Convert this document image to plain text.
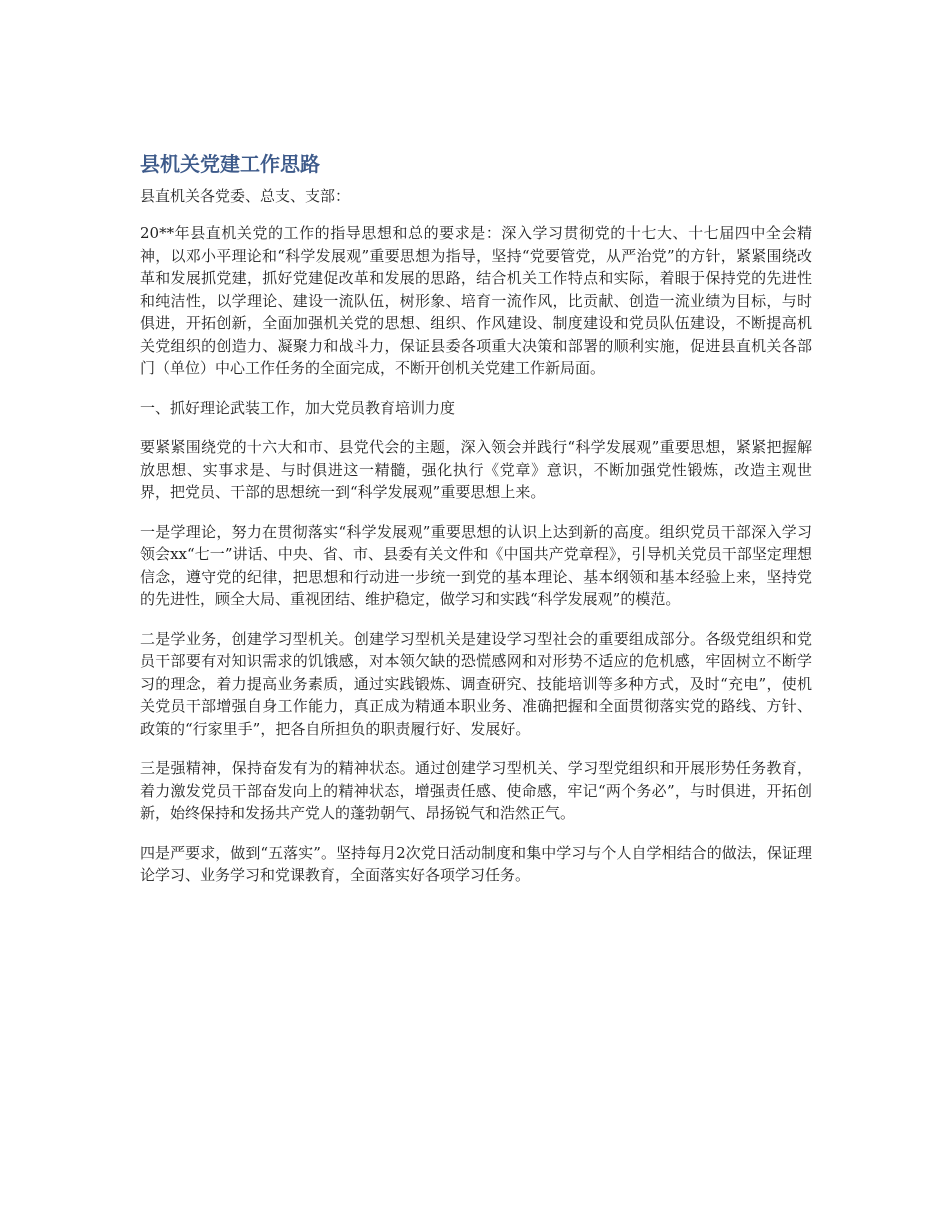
县机关党建工作思路

县直机关各党委、总支、支部：

20**年县直机关党的工作的指导思想和总的要求是：深入学习贯彻党的十七大、十七届四中全会精神，以邓小平理论和“科学发展观”重要思想为指导，坚持“党要管党，从严治党”的方针，紧紧围绕改革和发展抓党建，抓好党建促改革和发展的思路，结合机关工作特点和实际，着眼于保持党的先进性和纯洁性，以学理论、建设一流队伍，树形象、培育一流作风，比贡献、创造一流业绩为目标，与时俱进，开拓创新，全面加强机关党的思想、组织、作风建设、制度建设和党员队伍建设，不断提高机关党组织的创造力、凝聚力和战斗力，保证县委各项重大决策和部署的顺利实施，促进县直机关各部门（单位）中心工作任务的全面完成，不断开创机关党建工作新局面。

一、抓好理论武装工作，加大党员教育培训力度

要紧紧围绕党的十六大和市、县党代会的主题，深入领会并践行“科学发展观”重要思想，紧紧把握解放思想、实事求是、与时俱进这一精髓，强化执行《党章》意识，不断加强党性锻炼，改造主观世界，把党员、干部的思想统一到“科学发展观”重要思想上来。

一是学理论，努力在贯彻落实“科学发展观”重要思想的认识上达到新的高度。组织党员干部深入学习领会xx“七一”讲话、中央、省、市、县委有关文件和《中国共产党章程》，引导机关党员干部坚定理想信念，遵守党的纪律，把思想和行动进一步统一到党的基本理论、基本纲领和基本经验上来，坚持党的先进性，顾全大局、重视团结、维护稳定，做学习和实践“科学发展观”的模范。

二是学业务，创建学习型机关。创建学习型机关是建设学习型社会的重要组成部分。各级党组织和党员干部要有对知识需求的饥饿感，对本领欠缺的恐慌感网和对形势不适应的危机感，牢固树立不断学习的理念，着力提高业务素质，通过实践锻炼、调查研究、技能培训等多种方式，及时“充电”，使机关党员干部增强自身工作能力，真正成为精通本职业务、准确把握和全面贯彻落实党的路线、方针、政策的“行家里手”，把各自所担负的职责履行好、发展好。

三是强精神，保持奋发有为的精神状态。通过创建学习型机关、学习型党组织和开展形势任务教育，着力激发党员干部奋发向上的精神状态，增强责任感、使命感，牢记“两个务必”，与时俱进，开拓创新，始终保持和发扬共产党人的蓬勃朝气、昂扬锐气和浩然正气。

四是严要求，做到“五落实”。坚持每月2次党日活动制度和集中学习与个人自学相结合的做法，保证理论学习、业务学习和党课教育，全面落实好各项学习任务。
